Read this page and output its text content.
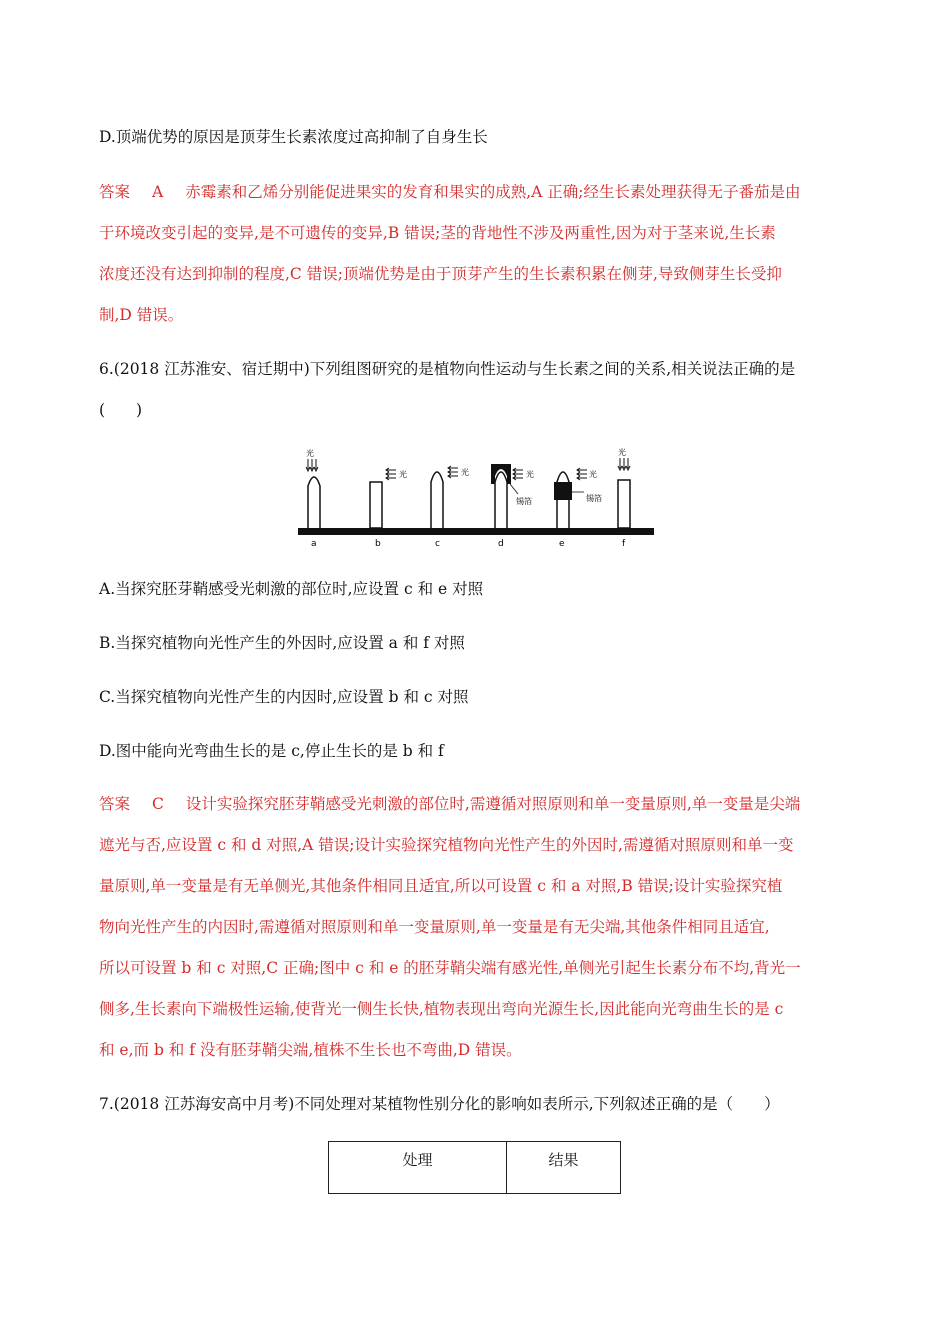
D.顶端优势的原因是顶芽生长素浓度过高抑制了自身生长
答案 A 赤霉素和乙烯分别能促进果实的发育和果实的成熟,A 正确;经生长素处理获得无子番茄是由
于环境改变引起的变异,是不可遗传的变异,B 错误;茎的背地性不涉及两重性,因为对于茎来说,生长素
浓度还没有达到抑制的程度,C 错误;顶端优势是由于顶芽产生的生长素积累在侧芽,导致侧芽生长受抑
制,D 错误。
6.(2018 江苏淮安、宿迁期中)下列组图研究的是植物向性运动与生长素之间的关系,相关说法正确的是
(　　)
光
a
光
b
光
c
光
锡箔
d
光
锡箔
e
光
f
A.当探究胚芽鞘感受光刺激的部位时,应设置 c 和 e 对照
B.当探究植物向光性产生的外因时,应设置 a 和 f 对照
C.当探究植物向光性产生的内因时,应设置 b 和 c 对照
D.图中能向光弯曲生长的是 c,停止生长的是 b 和 f
答案 C 设计实验探究胚芽鞘感受光刺激的部位时,需遵循对照原则和单一变量原则,单一变量是尖端
遮光与否,应设置 c 和 d 对照,A 错误;设计实验探究植物向光性产生的外因时,需遵循对照原则和单一变
量原则,单一变量是有无单侧光,其他条件相同且适宜,所以可设置 c 和 a 对照,B 错误;设计实验探究植
物向光性产生的内因时,需遵循对照原则和单一变量原则,单一变量是有无尖端,其他条件相同且适宜,
所以可设置 b 和 c 对照,C 正确;图中 c 和 e 的胚芽鞘尖端有感光性,单侧光引起生长素分布不均,背光一
侧多,生长素向下端极性运输,使背光一侧生长快,植物表现出弯向光源生长,因此能向光弯曲生长的是 c
和 e,而 b 和 f 没有胚芽鞘尖端,植株不生长也不弯曲,D 错误。
7.(2018 江苏海安高中月考)不同处理对某植物性别分化的影响如表所示,下列叙述正确的是（　　）
处理	结果
